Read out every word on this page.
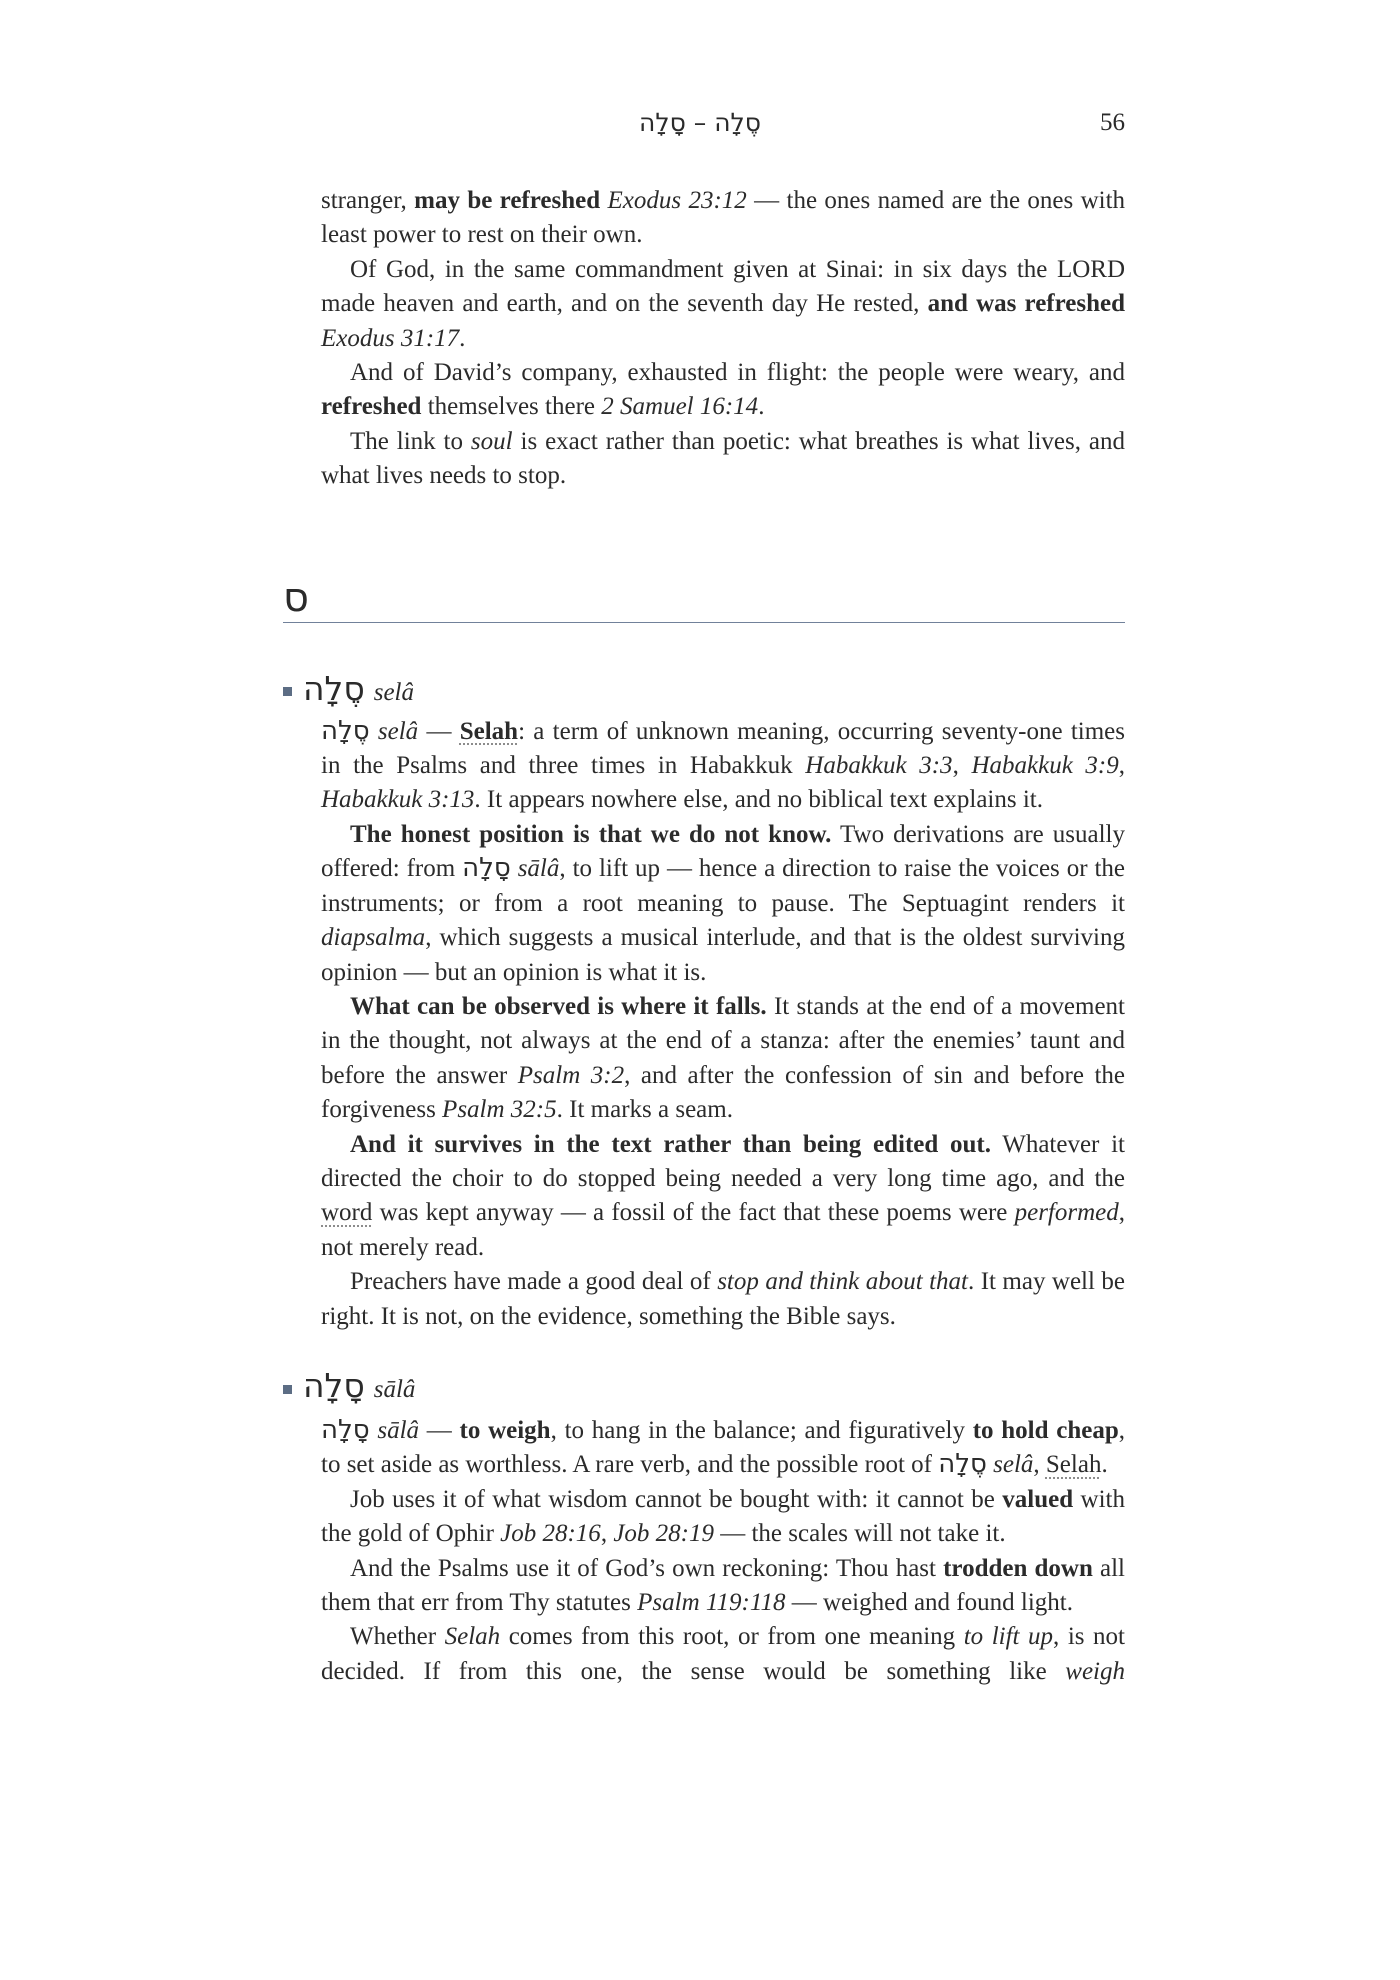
סֶלָה – סָלָה	56

stranger, may be refreshed Exodus 23:12 — the ones named are the ones with least power to rest on their own.

Of God, in the same commandment given at Sinai: in six days the LORD made heaven and earth, and on the seventh day He rested, and was refreshed Exodus 31:17.

And of David’s company, exhausted in flight: the people were weary, and refreshed themselves there 2 Samuel 16:14.

The link to soul is exact rather than poetic: what breathes is what lives, and what lives needs to stop.

ס
סֶלָה selâ

סֶלָה selâ — Selah: a term of unknown meaning, occurring seventy-one times in the Psalms and three times in Habakkuk Habakkuk 3:3, Habakkuk 3:9, Habakkuk 3:13. It appears nowhere else, and no biblical text explains it.

The honest position is that we do not know. Two derivations are usually offered: from סָלָה sālâ, to lift up — hence a direction to raise the voices or the instruments; or from a root meaning to pause. The Septuagint renders it diapsalma, which suggests a musical interlude, and that is the oldest surviving opinion — but an opinion is what it is.

What can be observed is where it falls. It stands at the end of a movement in the thought, not always at the end of a stanza: after the enemies’ taunt and before the answer Psalm 3:2, and after the confession of sin and before the forgiveness Psalm 32:5. It marks a seam.

And it survives in the text rather than being edited out. Whatever it directed the choir to do stopped being needed a very long time ago, and the word was kept anyway — a fossil of the fact that these poems were performed, not merely read.

Preachers have made a good deal of stop and think about that. It may well be right. It is not, on the evidence, something the Bible says.

סָלָה sālâ

סָלָה sālâ — to weigh, to hang in the balance; and figuratively to hold cheap, to set aside as worthless. A rare verb, and the possible root of סֶלָה selâ, Selah.

Job uses it of what wisdom cannot be bought with: it cannot be valued with the gold of Ophir Job 28:16, Job 28:19 — the scales will not take it.

And the Psalms use it of God’s own reckoning: Thou hast trodden down all them that err from Thy statutes Psalm 119:118 — weighed and found light.

Whether Selah comes from this root, or from one meaning to lift up, is not decided. If from this one, the sense would be something like weigh
